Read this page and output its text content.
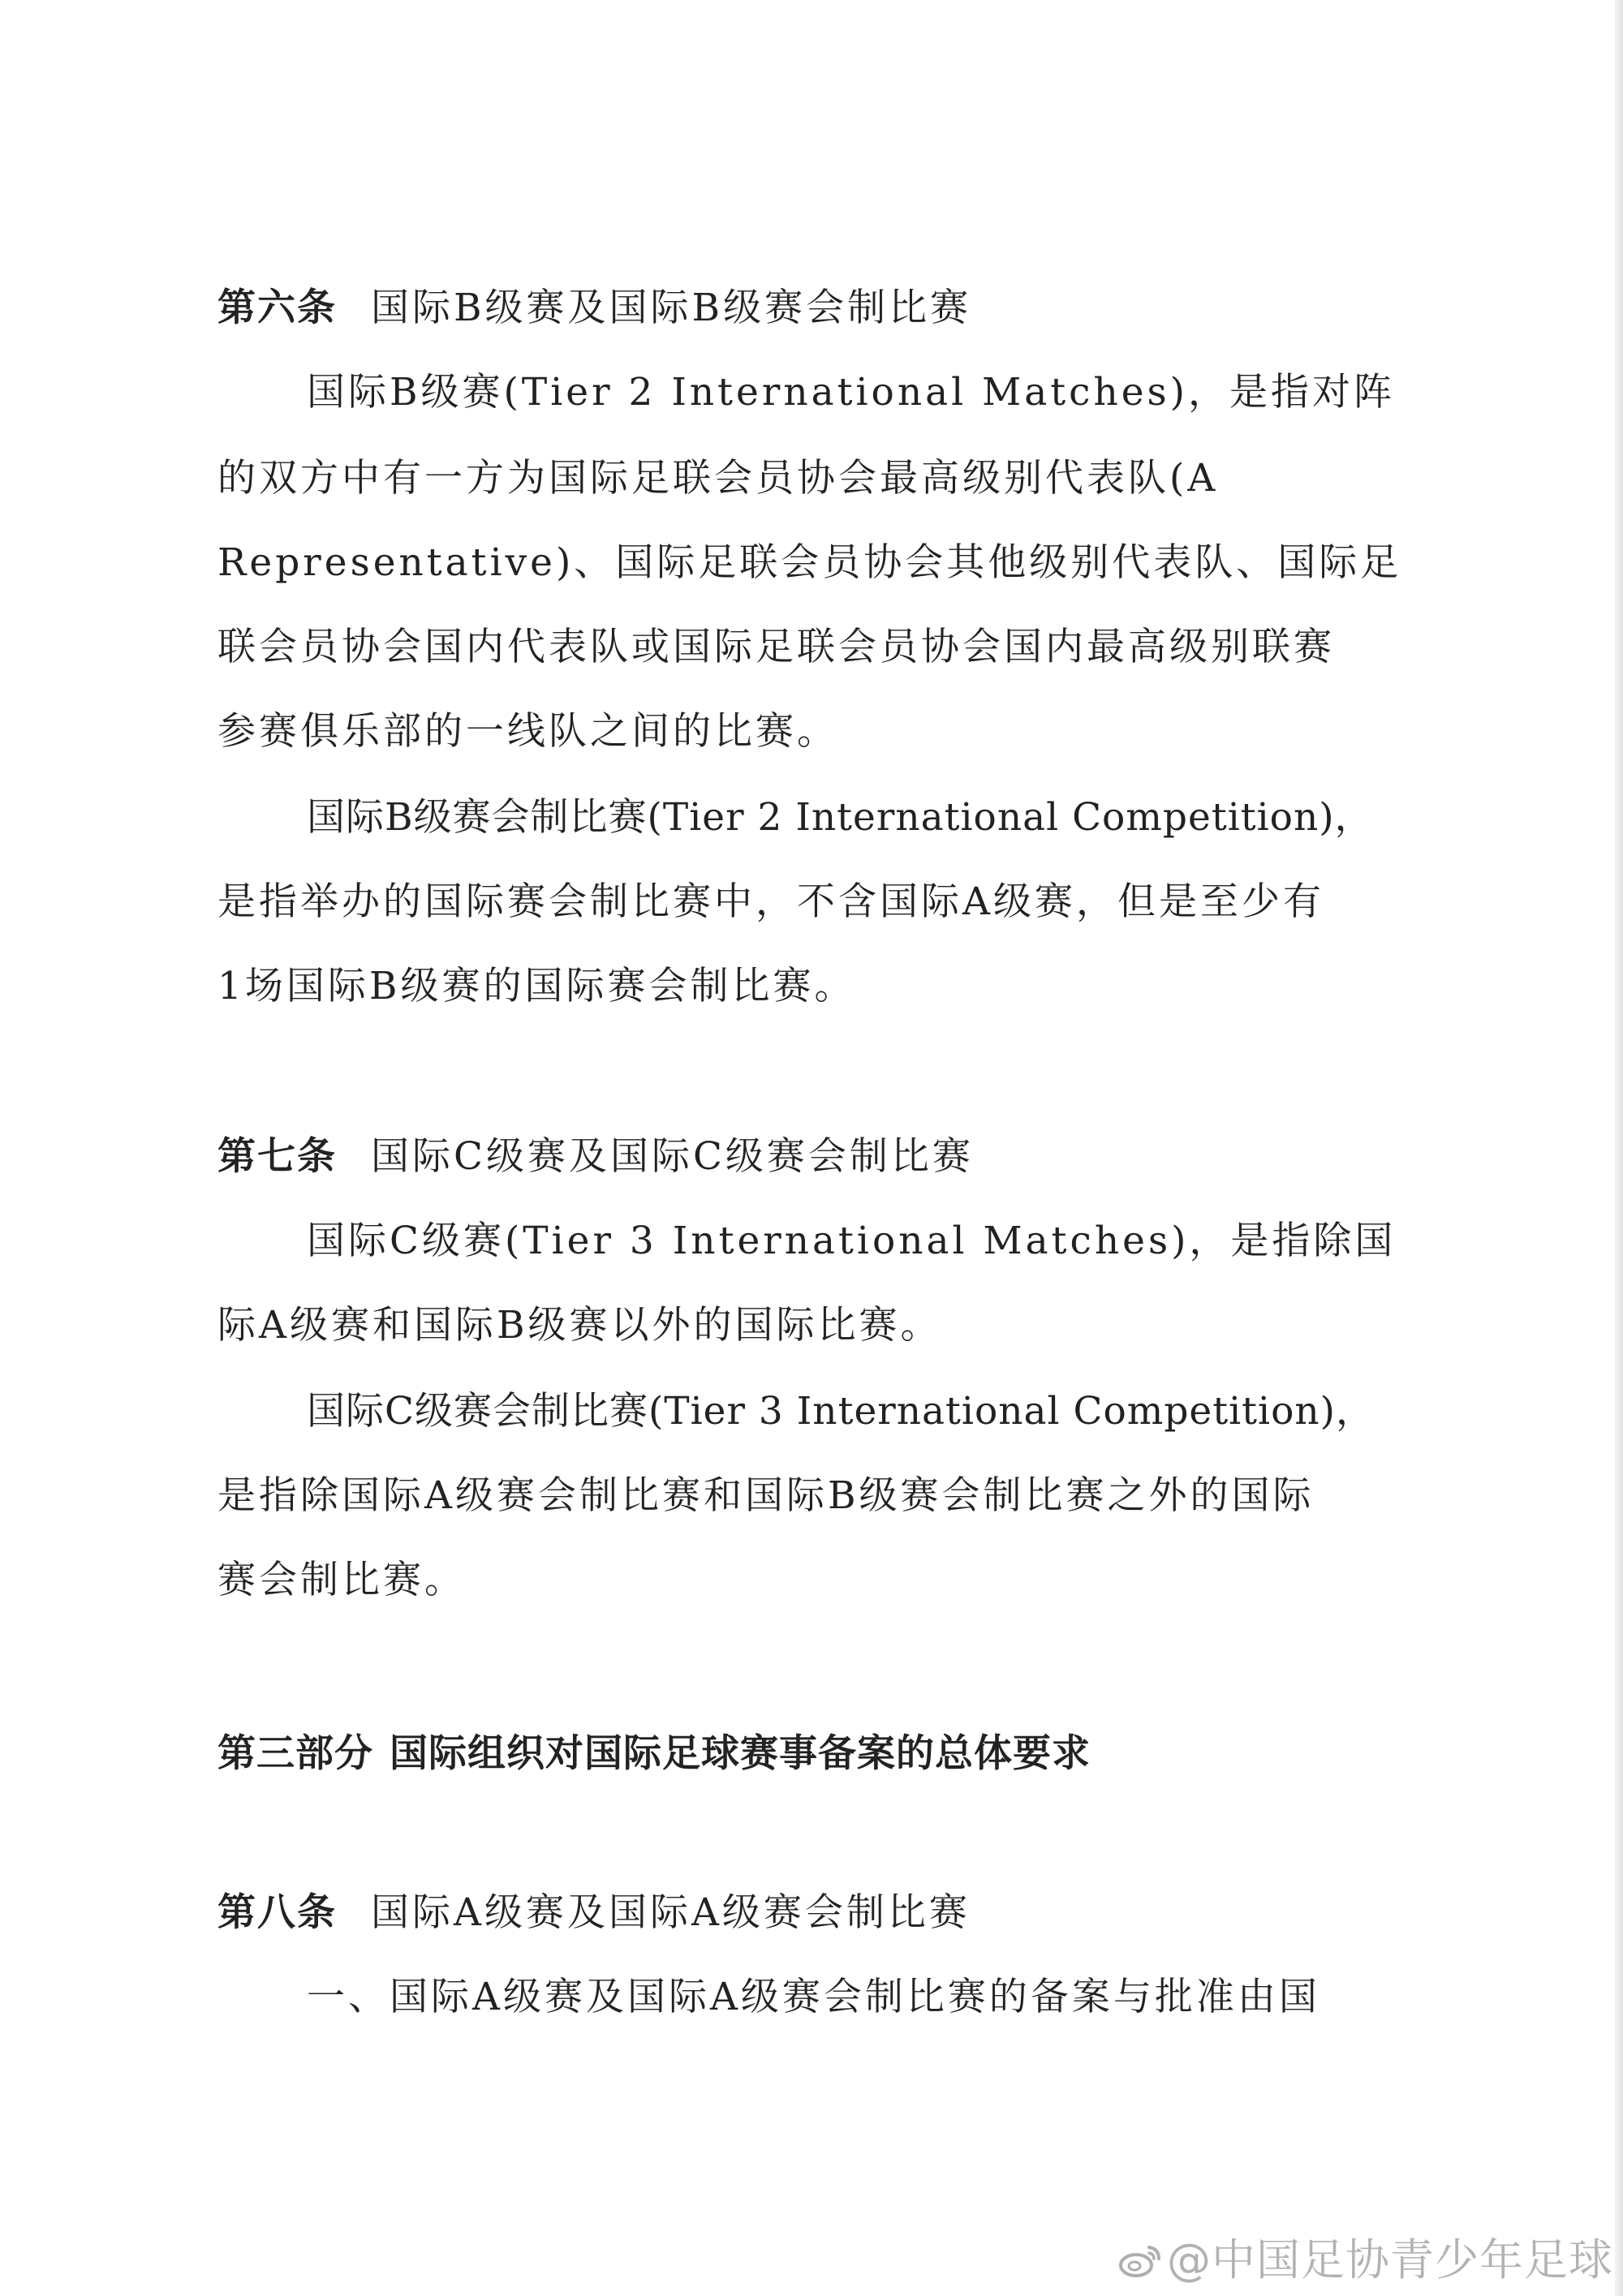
第六条 国际B级赛及国际B级赛会制比赛
国际B级赛(Tier 2 International Matches)，是指对阵
的双方中有一方为国际足联会员协会最高级别代表队(A
Representative)、国际足联会员协会其他级别代表队、国际足
联会员协会国内代表队或国际足联会员协会国内最高级别联赛
参赛俱乐部的一线队之间的比赛。
国际B级赛会制比赛(Tier 2 International Competition)，
是指举办的国际赛会制比赛中，不含国际A级赛，但是至少有
1场国际B级赛的国际赛会制比赛。
第七条 国际C级赛及国际C级赛会制比赛
国际C级赛(Tier 3 International Matches)，是指除国
际A级赛和国际B级赛以外的国际比赛。
国际C级赛会制比赛(Tier 3 International Competition)，
是指除国际A级赛会制比赛和国际B级赛会制比赛之外的国际
赛会制比赛。
第三部分 国际组织对国际足球赛事备案的总体要求
第八条 国际A级赛及国际A级赛会制比赛
一、国际A级赛及国际A级赛会制比赛的备案与批准由国
@中国足协青少年足球
